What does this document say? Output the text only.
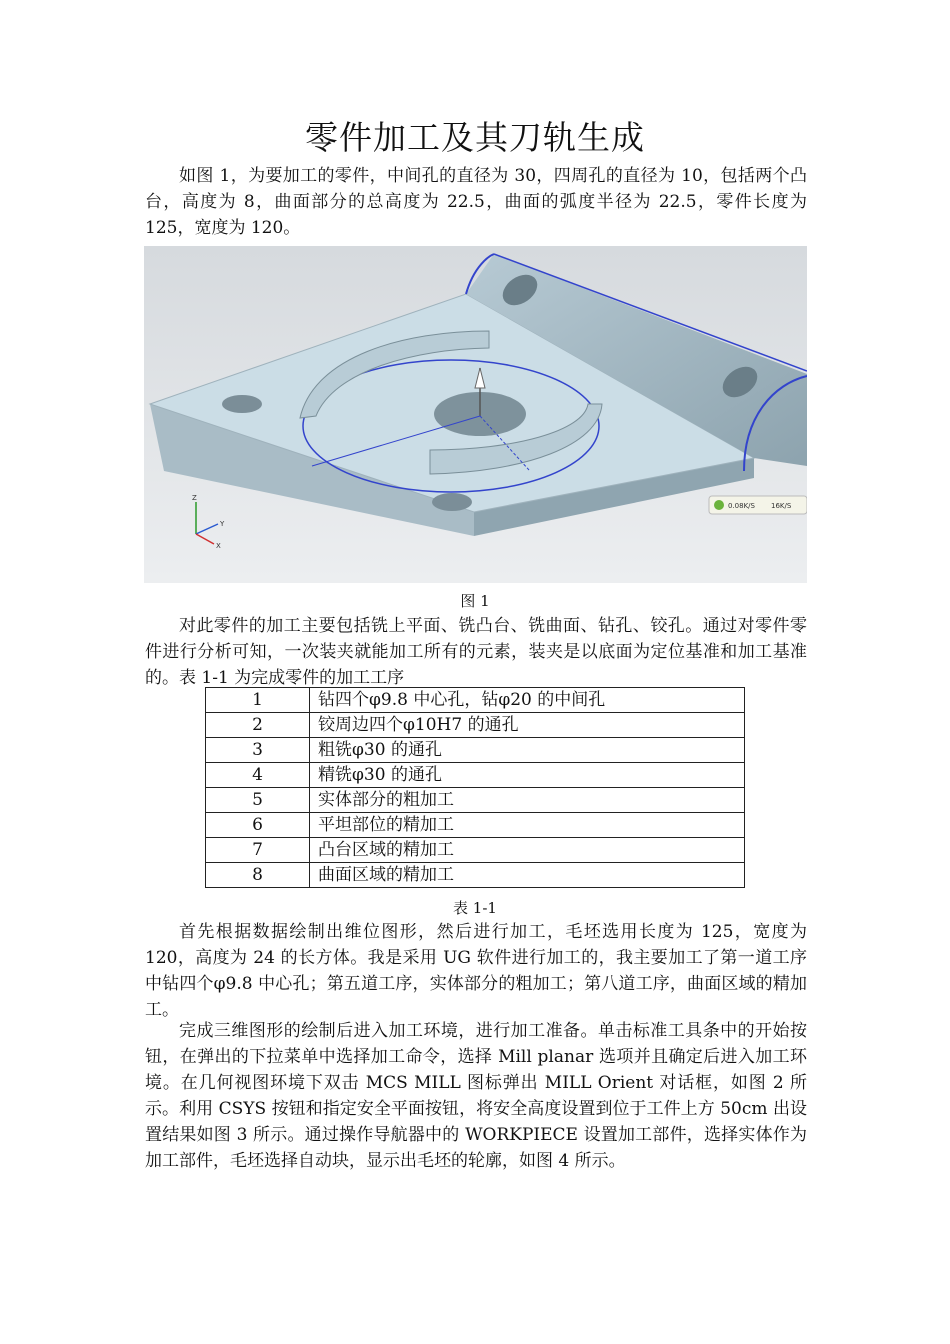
零件加工及其刀轨生成

如图 1，为要加工的零件，中间孔的直径为 30，四周孔的直径为 10，包括两个凸台，高度为 8，曲面部分的总高度为 22.5，曲面的弧度半径为 22.5，零件长度为 125，宽度为 120。

Z
Y
X
0.08K/S 16K/S
图 1

对此零件的加工主要包括铣上平面、铣凸台、铣曲面、钻孔、铰孔。通过对零件零件进行分析可知，一次装夹就能加工所有的元素，装夹是以底面为定位基准和加工基准的。表 1-1 为完成零件的加工工序

1	钻四个φ9.8 中心孔，钻φ20 的中间孔
2	铰周边四个φ10H7 的通孔
3	粗铣φ30 的通孔
4	精铣φ30 的通孔
5	实体部分的粗加工
6	平坦部位的精加工
7	凸台区域的精加工
8	曲面区域的精加工
表 1-1

首先根据数据绘制出维位图形，然后进行加工，毛坯选用长度为 125，宽度为 120，高度为 24 的长方体。我是采用 UG 软件进行加工的，我主要加工了第一道工序中钻四个φ9.8 中心孔；第五道工序，实体部分的粗加工；第八道工序，曲面区域的精加工。

完成三维图形的绘制后进入加工环境，进行加工准备。单击标准工具条中的开始按钮，在弹出的下拉菜单中选择加工命令，选择 Mill planar 选项并且确定后进入加工环境。在几何视图环境下双击 MCS MILL 图标弹出 MILL Orient 对话框，如图 2 所示。利用 CSYS 按钮和指定安全平面按钮，将安全高度设置到位于工件上方 50cm 出设置结果如图 3 所示。通过操作导航器中的 WORKPIECE 设置加工部件，选择实体作为加工部件，毛坯选择自动块，显示出毛坯的轮廓，如图 4 所示。
